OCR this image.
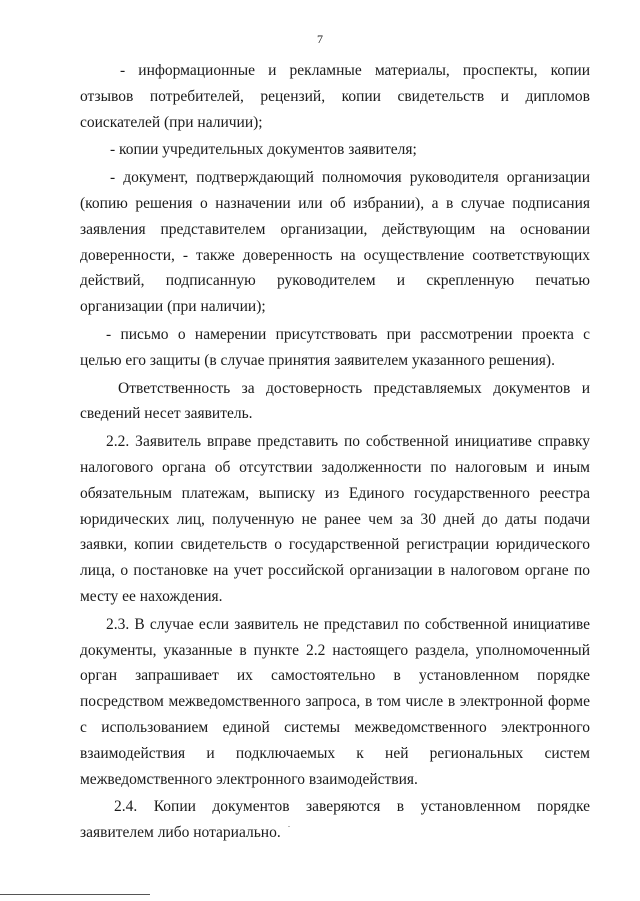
7

- информационные и рекламные материалы, проспекты, копии отзывов потребителей, рецензий, копии свидетельств и дипломов соискателей (при наличии);

- копии учредительных документов заявителя;

- документ, подтверждающий полномочия руководителя организации (копию решения о назначении или об избрании), а в случае подписания заявления представителем организации, действующим на основании доверенности, - также доверенность на осуществление соответствующих действий, подписанную руководителем и скрепленную печатью организации (при наличии);

- письмо о намерении присутствовать при рассмотрении проекта с целью его защиты (в случае принятия заявителем указанного решения).

Ответственность за достоверность представляемых документов и сведений несет заявитель.

2.2. Заявитель вправе представить по собственной инициативе справку налогового органа об отсутствии задолженности по налоговым и иным обязательным платежам, выписку из Единого государственного реестра юридических лиц, полученную не ранее чем за 30 дней до даты подачи заявки, копии свидетельств о государственной регистрации юридического лица, о постановке на учет российской организации в налоговом органе по месту ее нахождения.

2.3. В случае если заявитель не представил по собственной инициативе документы, указанные в пункте 2.2 настоящего раздела, уполномоченный орган запрашивает их самостоятельно в установленном порядке посредством межведомственного запроса, в том числе в электронной форме с использованием единой системы межведомственного электронного взаимодействия и подключаемых к ней региональных систем межведомственного электронного взаимодействия.

2.4. Копии документов заверяются в установленном порядке заявителем либо нотариально.
